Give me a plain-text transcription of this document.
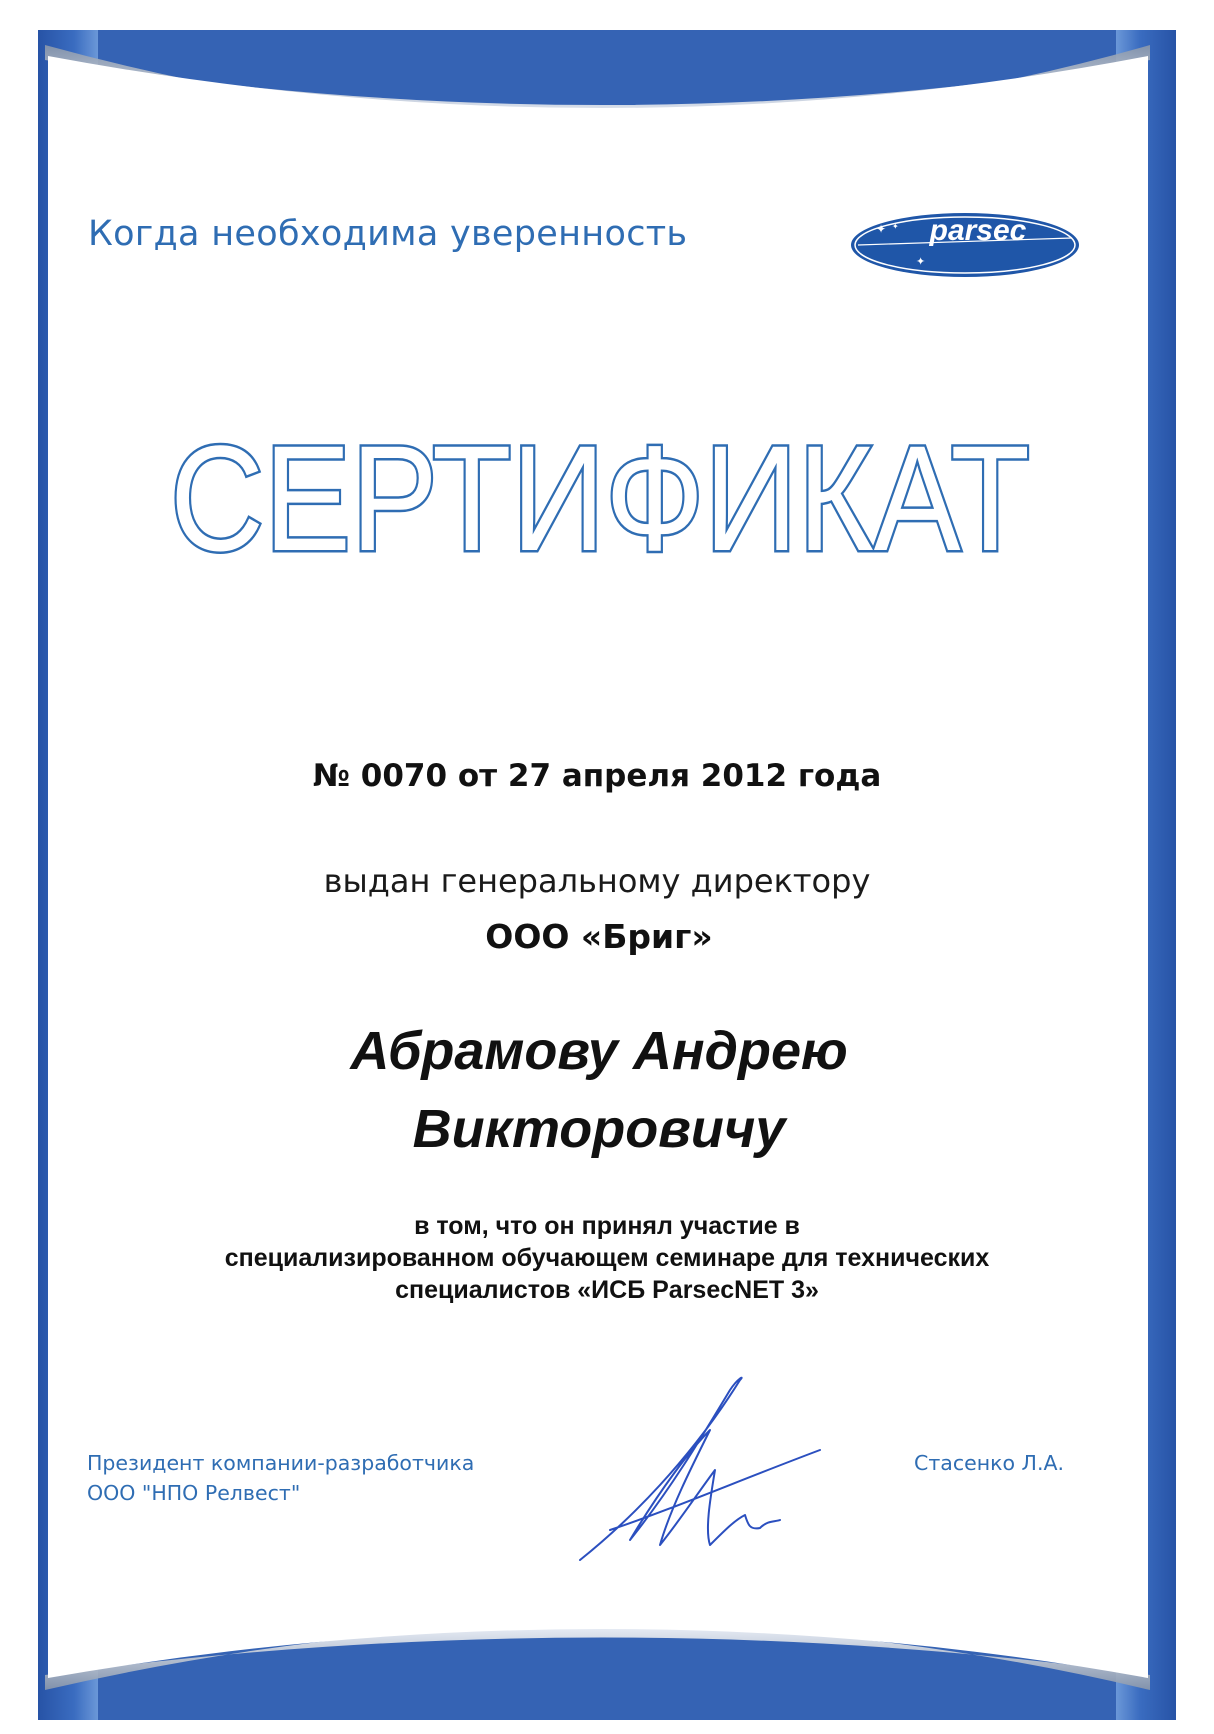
Когда необходима уверенность	parsec
✦ ✦
✦
СЕРТИФИКАТ
№ 0070 от 27 апреля 2012 года
выдан генеральному директору
ООО «Бриг»
Абрамову Андрею
Викторовичу
в том, что он принял участие в
специализированном обучающем семинаре для технических
специалистов «ИСБ ParsecNET 3»
Президент компании-разработчика
ООО "НПО Релвест"
Стасенко Л.А.
